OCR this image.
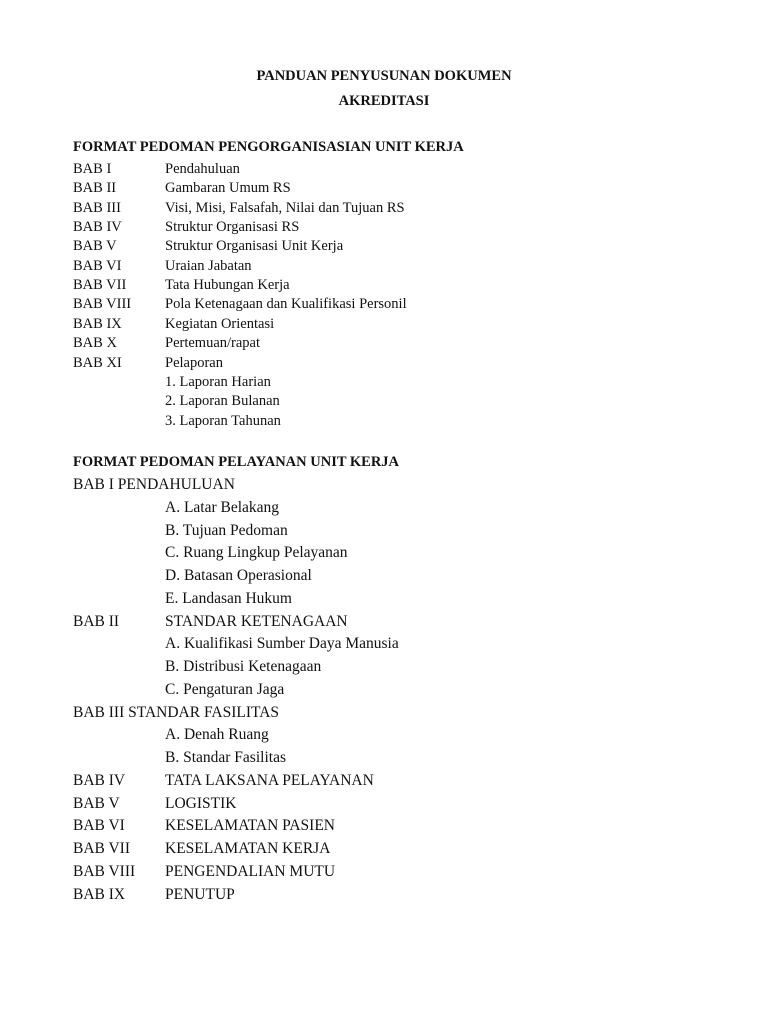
PANDUAN PENYUSUNAN DOKUMEN
AKREDITASI
FORMAT PEDOMAN PENGORGANISASIAN UNIT KERJA
BAB I	Pendahuluan
BAB II	Gambaran Umum RS
BAB III	Visi, Misi, Falsafah, Nilai dan Tujuan RS
BAB IV	Struktur Organisasi RS
BAB V	Struktur Organisasi Unit Kerja
BAB VI	Uraian Jabatan
BAB VII	Tata Hubungan Kerja
BAB VIII Pola Ketenagaan dan Kualifikasi Personil
BAB IX	Kegiatan Orientasi
BAB X	Pertemuan/rapat
BAB XI	Pelaporan
1. Laporan Harian
2. Laporan Bulanan
3. Laporan Tahunan
FORMAT PEDOMAN PELAYANAN UNIT KERJA
BAB I PENDAHULUAN
A. Latar Belakang
B. Tujuan Pedoman
C. Ruang Lingkup Pelayanan
D. Batasan Operasional
E. Landasan Hukum
BAB II	STANDAR KETENAGAAN
A. Kualifikasi Sumber Daya Manusia
B. Distribusi Ketenagaan
C. Pengaturan Jaga
BAB III STANDAR FASILITAS
A. Denah Ruang
B. Standar Fasilitas
BAB IV	TATA LAKSANA PELAYANAN
BAB V	LOGISTIK
BAB VI	KESELAMATAN PASIEN
BAB VII KESELAMATAN KERJA
BAB VIII PENGENDALIAN MUTU
BAB IX	PENUTUP
